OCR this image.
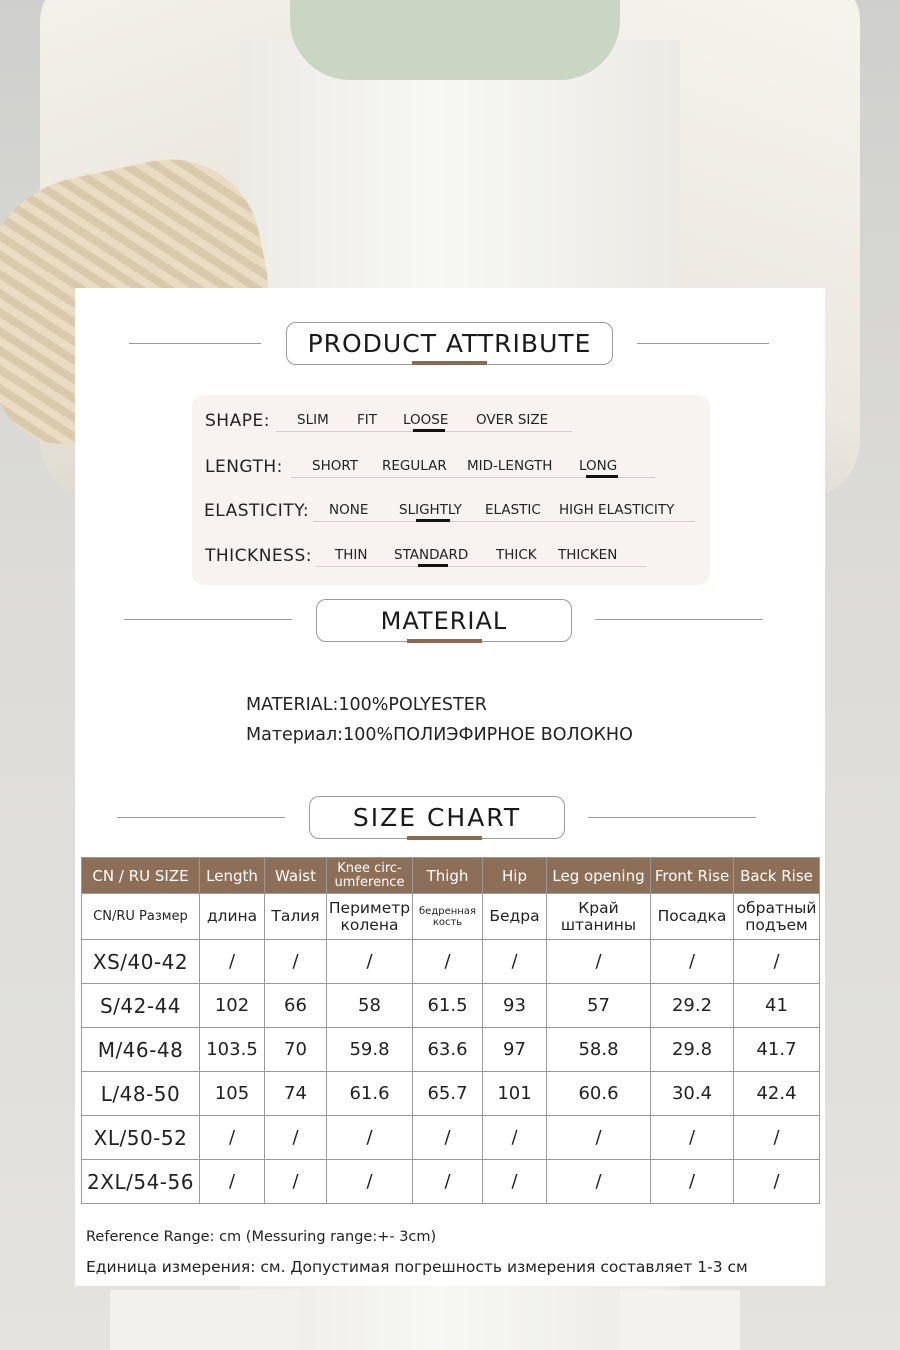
PRODUCT ATTRIBUTE
SHAPE: SLIM FIT LOOSE OVER SIZE
LENGTH: SHORT REGULAR MID-LENGTH LONG
ELASTICITY: NONE SLIGHTLY ELASTIC HIGH ELASTICITY
THICKNESS: THIN STANDARD THICK THICKEN
MATERIAL
MATERIAL:100%POLYESTER
Материал:100%ПОЛИЭФИРНОЕ ВОЛОКНО
SIZE CHART
CN / RU SIZE	Length	Waist	Knee circ-umference	Thigh	Hip	Leg opening	Front Rise	Back Rise
CN/RU Размер	длина	Талия	Периметр колена	бедренная кость	Бедра	Край штанины	Посадка	обратный подъем
XS/40-42	/	/	/	/	/	/	/	/
S/42-44	102	66	58	61.5	93	57	29.2	41
M/46-48	103.5	70	59.8	63.6	97	58.8	29.8	41.7
L/48-50	105	74	61.6	65.7	101	60.6	30.4	42.4
XL/50-52	/	/	/	/	/	/	/	/
2XL/54-56	/	/	/	/	/	/	/	/
Reference Range: cm (Messuring range:+- 3cm)
Единица измерения: см. Допустимая погрешность измерения составляет 1-3 см
